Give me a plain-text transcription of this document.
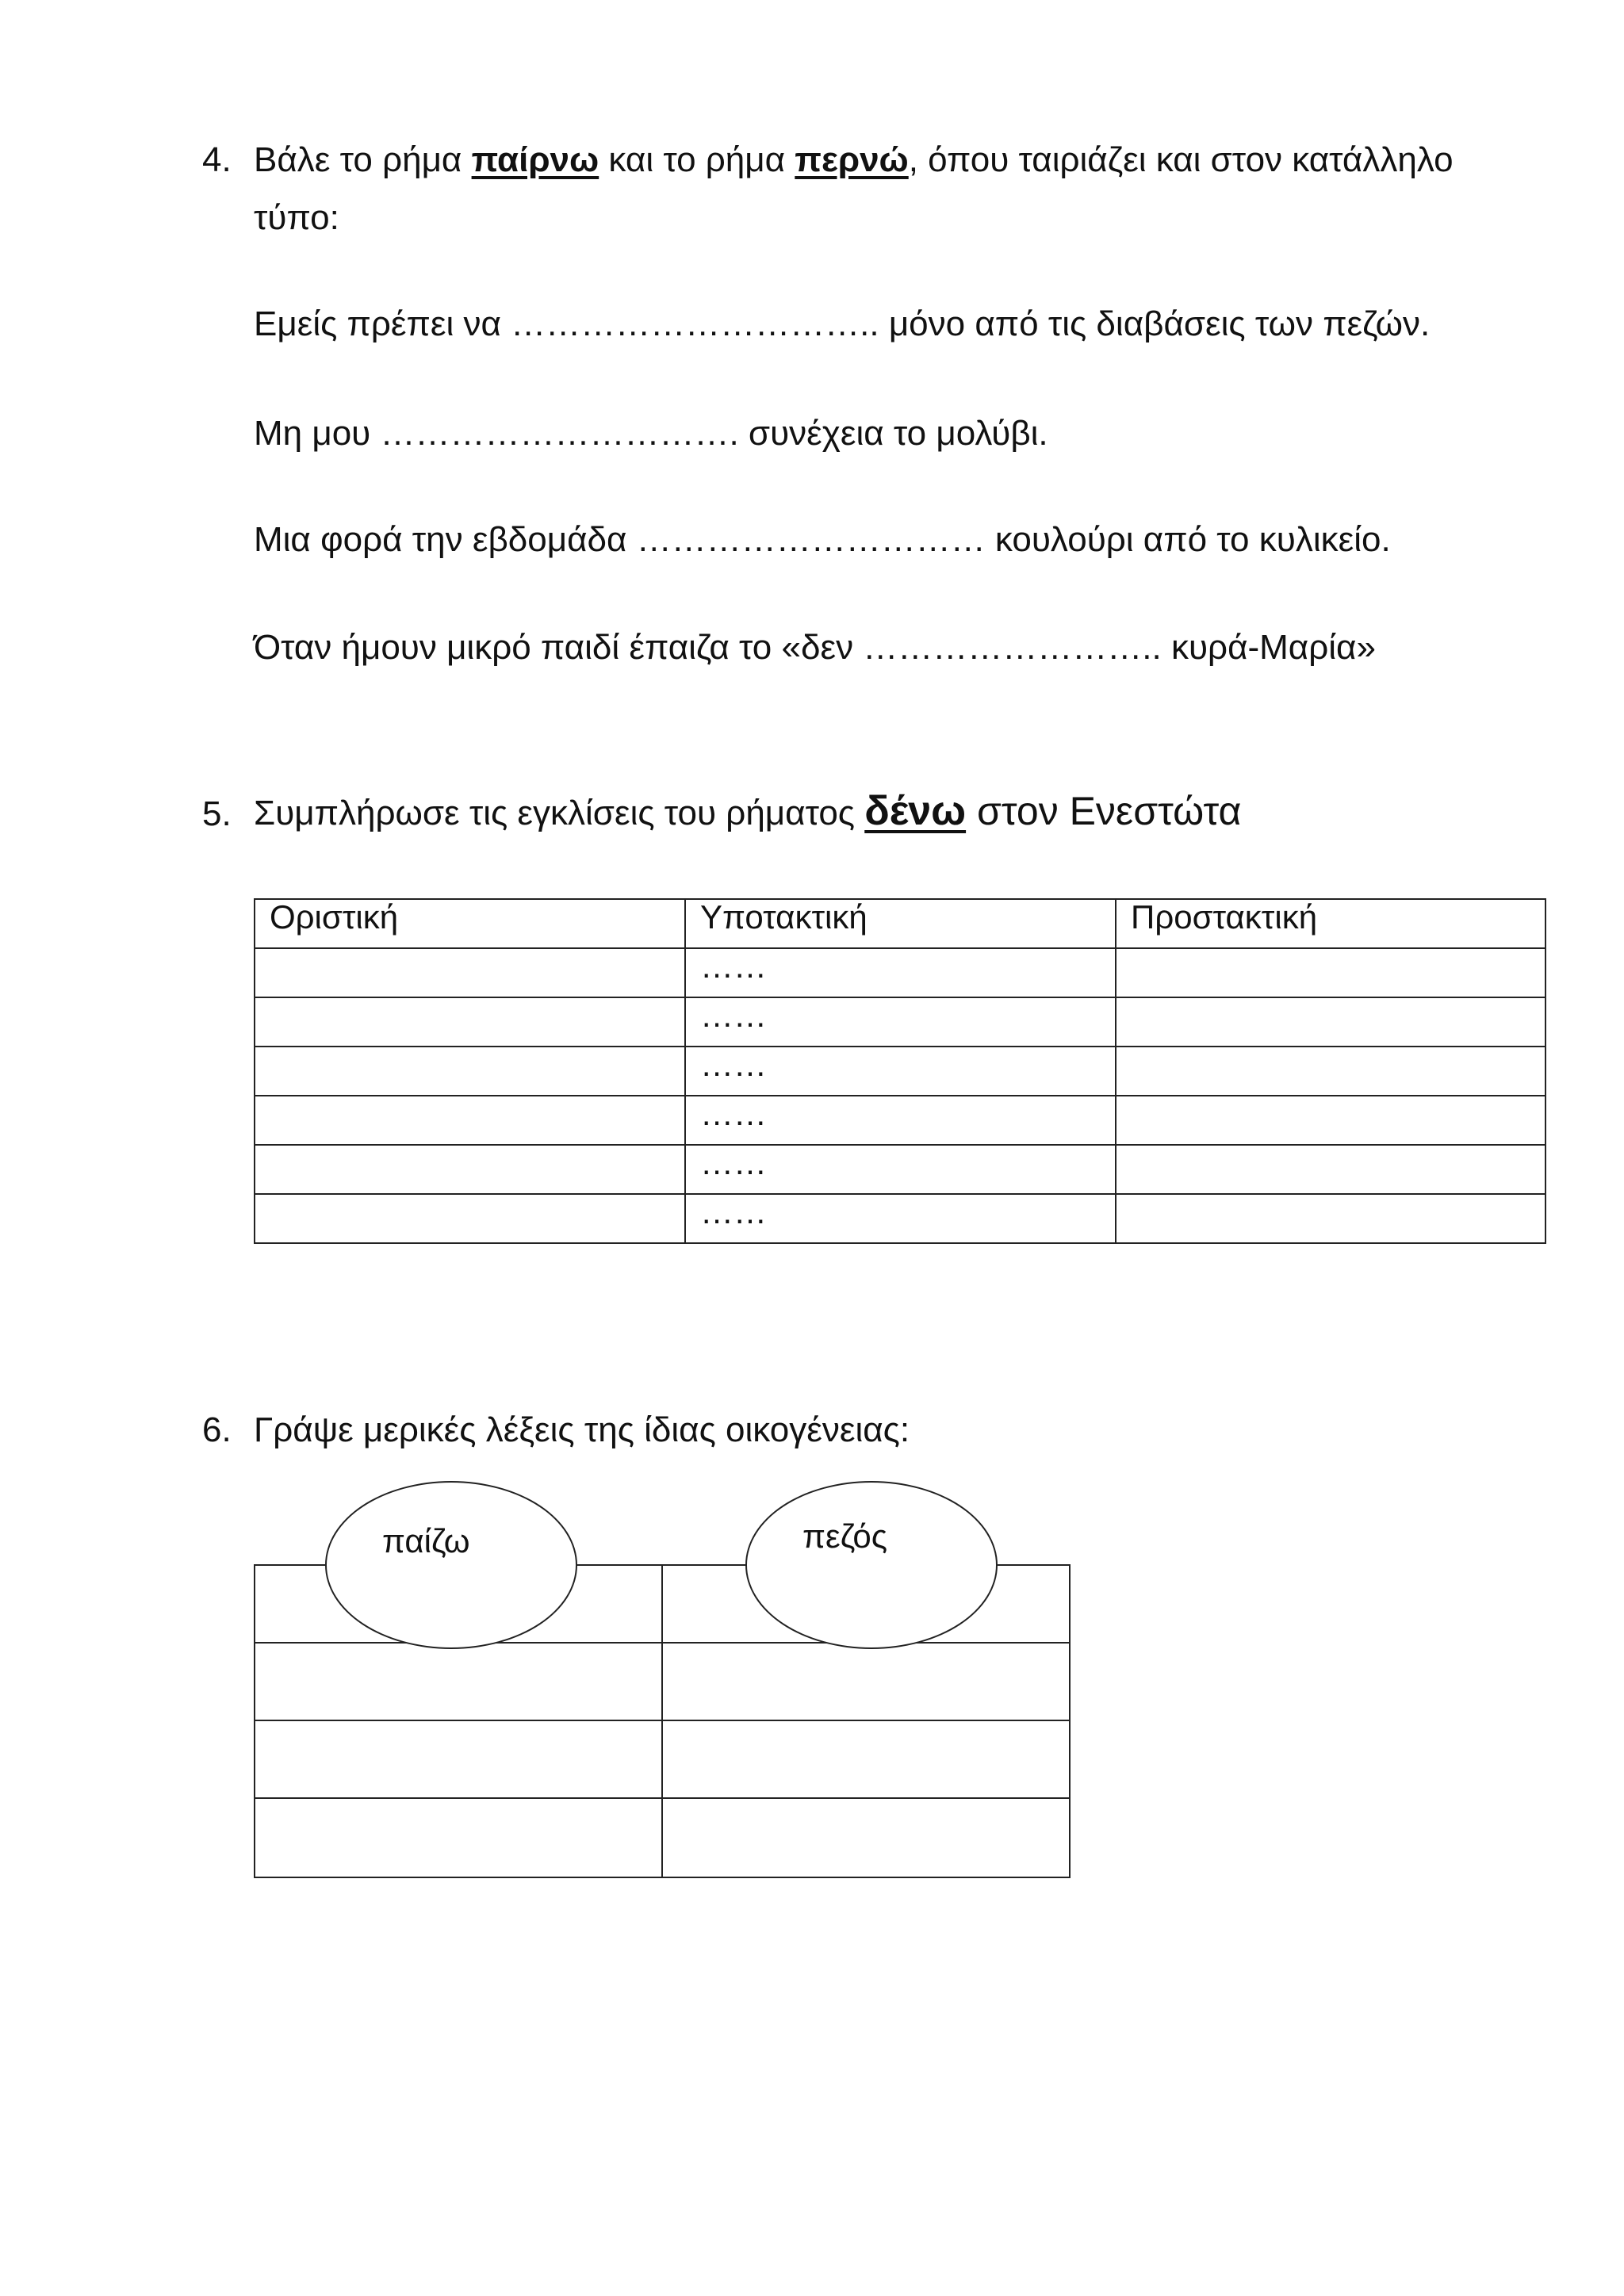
4. Βάλε το ρήμα παίρνω και το ρήμα περνώ, όπου ταιριάζει και στον κατάλληλο
τύπο:
Εμείς πρέπει να ………………………….. μόνο από τις διαβάσεις των πεζών.
Μη μου …………………………. συνέχεια το μολύβι.
Μια φορά την εβδομάδα ………………………… κουλούρι από το κυλικείο.
Όταν ήμουν μικρό παιδί έπαιζα το «δεν …………………….. κυρά-Μαρία»
5. Συμπλήρωσε τις εγκλίσεις του ρήματος δένω στον Ενεστώτα
Οριστική	Υποτακτική	Προστακτική
	……	
	……	
	……	
	……	
	……	
	……	
6. Γράψε μερικές λέξεις της ίδιας οικογένειας:

παίζω	πεζός
